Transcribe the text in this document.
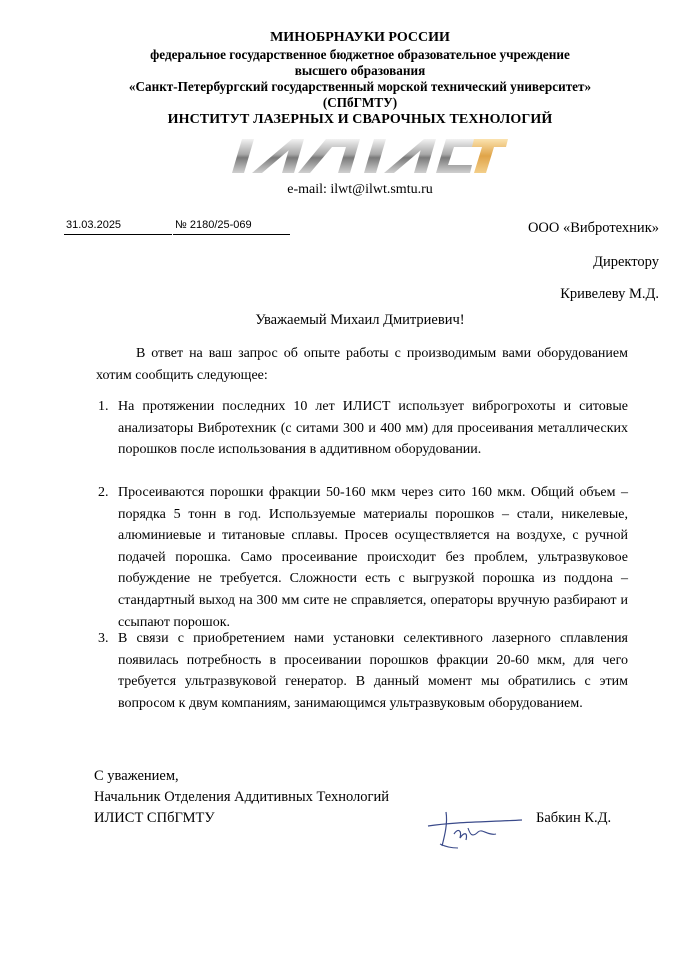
МИНОБРНАУКИ РОССИИ
федеральное государственное бюджетное образовательное учреждение
высшего образования
«Санкт-Петербургский государственный морской технический университет»
(СПбГМТУ)
ИНСТИТУТ ЛАЗЕРНЫХ И СВАРОЧНЫХ ТЕХНОЛОГИЙ
e-mail: ilwt@ilwt.smtu.ru
31.03.2025	№ 2180/25-069	ООО «Вибротехник»
Директору
Кривелеву М.Д.
Уважаемый Михаил Дмитриевич!
В ответ на ваш запрос об опыте работы с производимым вами оборудованием хотим сообщить следующее:
1. На протяжении последних 10 лет ИЛИСТ использует виброгрохоты и ситовые анализаторы Вибротехник (с ситами 300 и 400 мм) для просеивания металлических порошков после использования в аддитивном оборудовании.
2. Просеиваются порошки фракции 50-160 мкм через сито 160 мкм. Общий объем – порядка 5 тонн в год. Используемые материалы порошков – стали, никелевые, алюминиевые и титановые сплавы. Просев осуществляется на воздухе, с ручной подачей порошка. Само просеивание происходит без проблем, ультразвуковое побуждение не требуется. Сложности есть с выгрузкой порошка из поддона – стандартный выход на 300 мм сите не справляется, операторы вручную разбирают и ссыпают порошок.
3. В связи с приобретением нами установки селективного лазерного сплавления появилась потребность в просеивании порошков фракции 20-60 мкм, для чего требуется ультразвуковой генератор. В данный момент мы обратились с этим вопросом к двум компаниям, занимающимся ультразвуковым оборудованием.
С уважением,
Начальник Отделения Аддитивных Технологий
ИЛИСТ СПбГМТУ	Бабкин К.Д.
